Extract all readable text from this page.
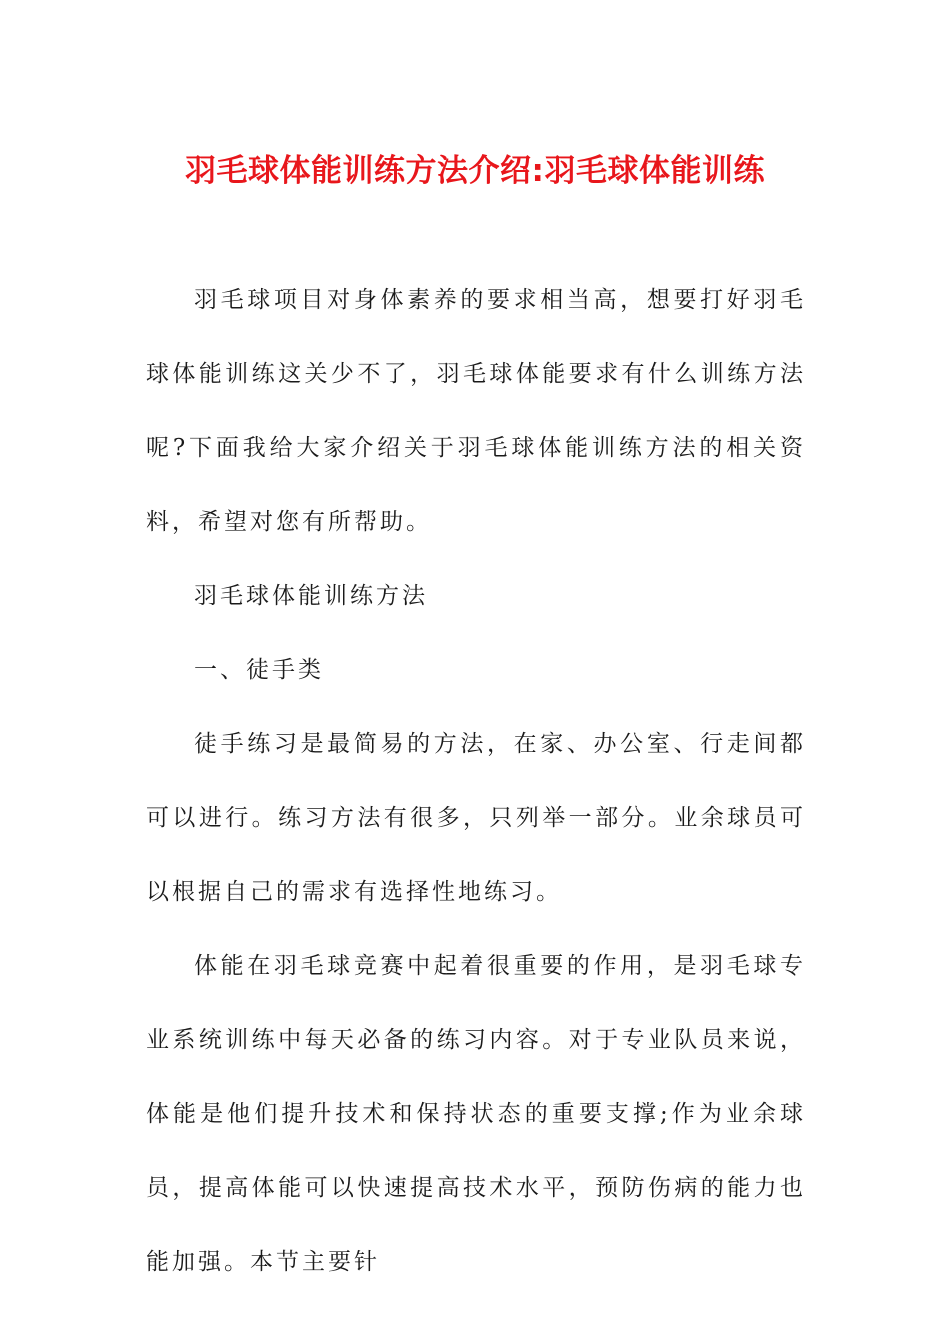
羽毛球体能训练方法介绍:羽毛球体能训练

羽毛球项目对身体素养的要求相当高，想要打好羽毛球体能训练这关少不了，羽毛球体能要求有什么训练方法呢?下面我给大家介绍关于羽毛球体能训练方法的相关资料，希望对您有所帮助。

羽毛球体能训练方法

一、徒手类

徒手练习是最简易的方法，在家、办公室、行走间都可以进行。练习方法有很多，只列举一部分。业余球员可以根据自己的需求有选择性地练习。

体能在羽毛球竞赛中起着很重要的作用，是羽毛球专业系统训练中每天必备的练习内容。对于专业队员来说，体能是他们提升技术和保持状态的重要支撑;作为业余球员，提高体能可以快速提高技术水平，预防伤病的能力也能加强。本节主要针
